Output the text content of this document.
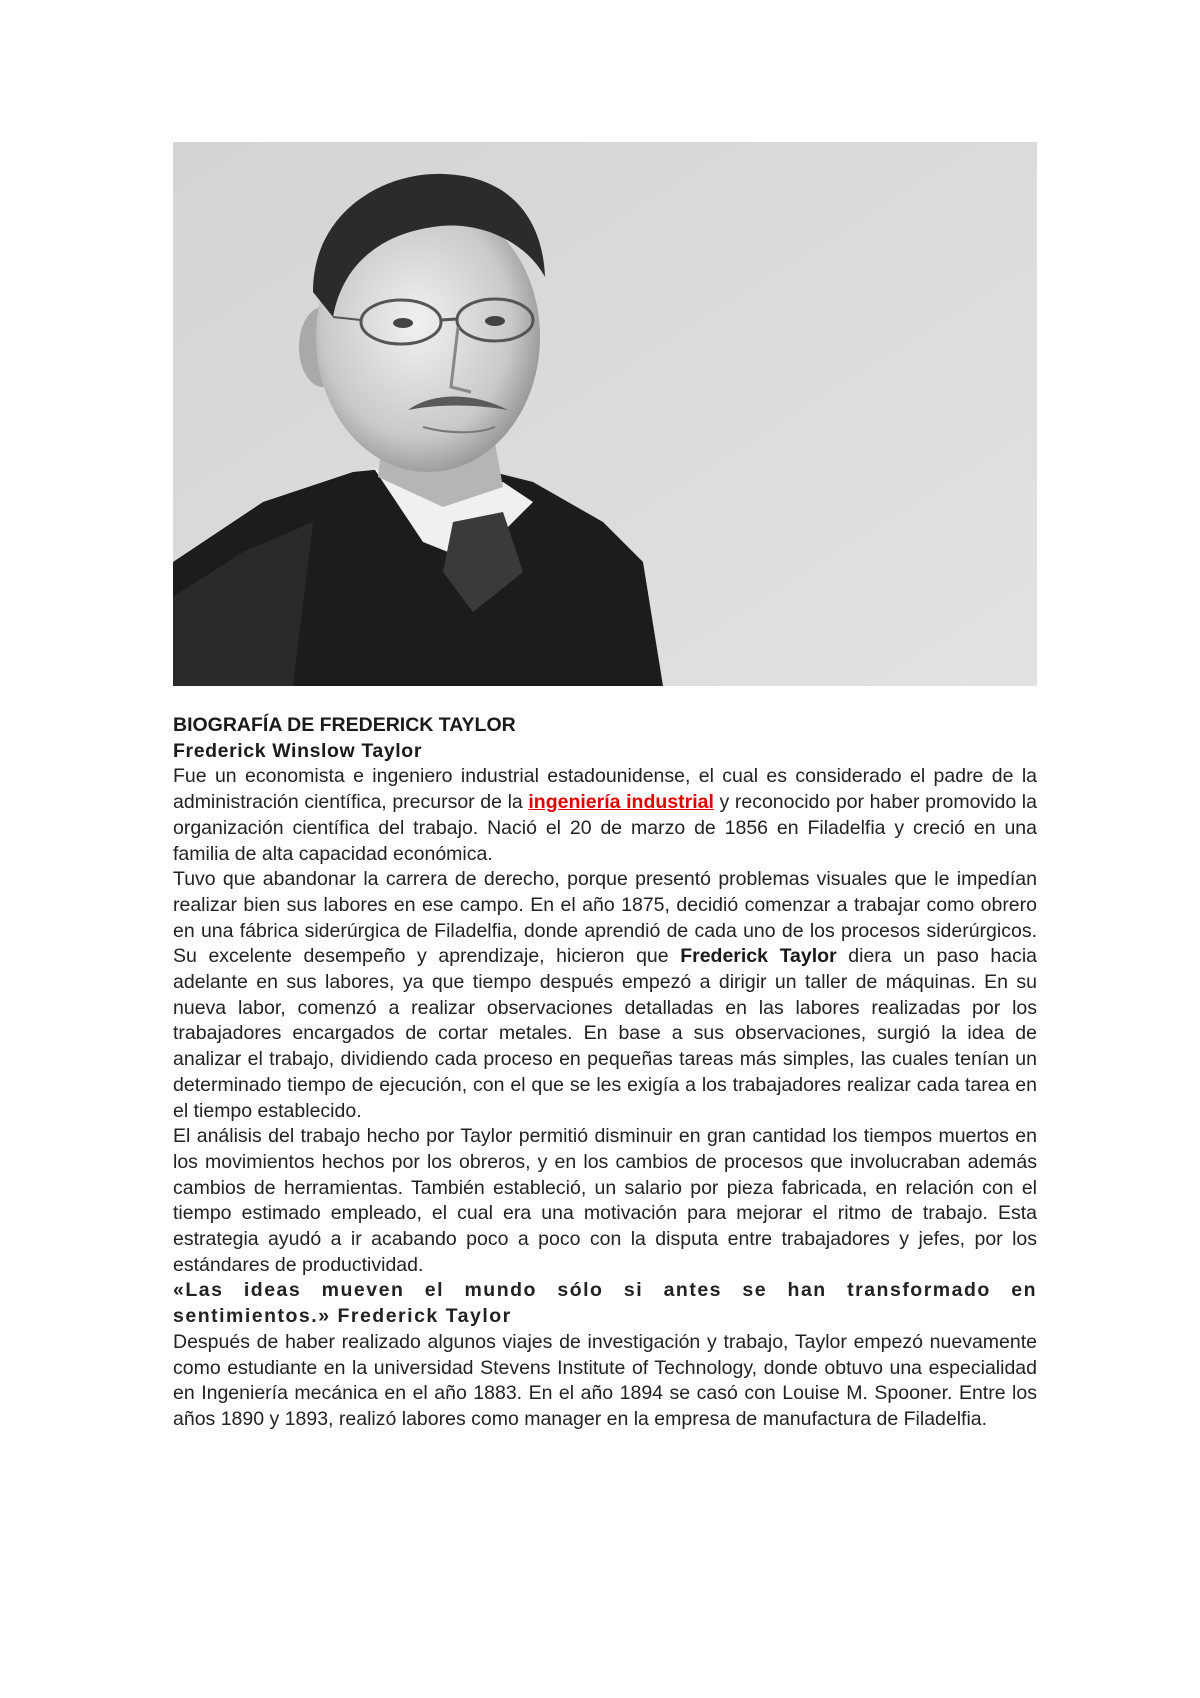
BIOGRAFÍA DE FREDERICK TAYLOR

Frederick Winslow Taylor

Fue un economista e ingeniero industrial estadounidense, el cual es considerado el padre de la administración científica, precursor de la ingeniería industrial y reconocido por haber promovido la organización científica del trabajo. Nació el 20 de marzo de 1856 en Filadelfia y creció en una familia de alta capacidad económica.

Tuvo que abandonar la carrera de derecho, porque presentó problemas visuales que le impedían realizar bien sus labores en ese campo. En el año 1875, decidió comenzar a trabajar como obrero en una fábrica siderúrgica de Filadelfia, donde aprendió de cada uno de los procesos siderúrgicos. Su excelente desempeño y aprendizaje, hicieron que Frederick Taylor diera un paso hacia adelante en sus labores, ya que tiempo después empezó a dirigir un taller de máquinas. En su nueva labor, comenzó a realizar observaciones detalladas en las labores realizadas por los trabajadores encargados de cortar metales. En base a sus observaciones, surgió la idea de analizar el trabajo, dividiendo cada proceso en pequeñas tareas más simples, las cuales tenían un determinado tiempo de ejecución, con el que se les exigía a los trabajadores realizar cada tarea en el tiempo establecido.

El análisis del trabajo hecho por Taylor permitió disminuir en gran cantidad los tiempos muertos en los movimientos hechos por los obreros, y en los cambios de procesos que involucraban además cambios de herramientas. También estableció, un salario por pieza fabricada, en relación con el tiempo estimado empleado, el cual era una motivación para mejorar el ritmo de trabajo. Esta estrategia ayudó a ir acabando poco a poco con la disputa entre trabajadores y jefes, por los estándares de productividad.

«Las ideas mueven el mundo sólo si antes se han transformado en sentimientos.» Frederick Taylor

Después de haber realizado algunos viajes de investigación y trabajo, Taylor empezó nuevamente como estudiante en la universidad Stevens Institute of Technology, donde obtuvo una especialidad en Ingeniería mecánica en el año 1883. En el año 1894 se casó con Louise M. Spooner. Entre los años 1890 y 1893, realizó labores como manager en la empresa de manufactura de Filadelfia.
